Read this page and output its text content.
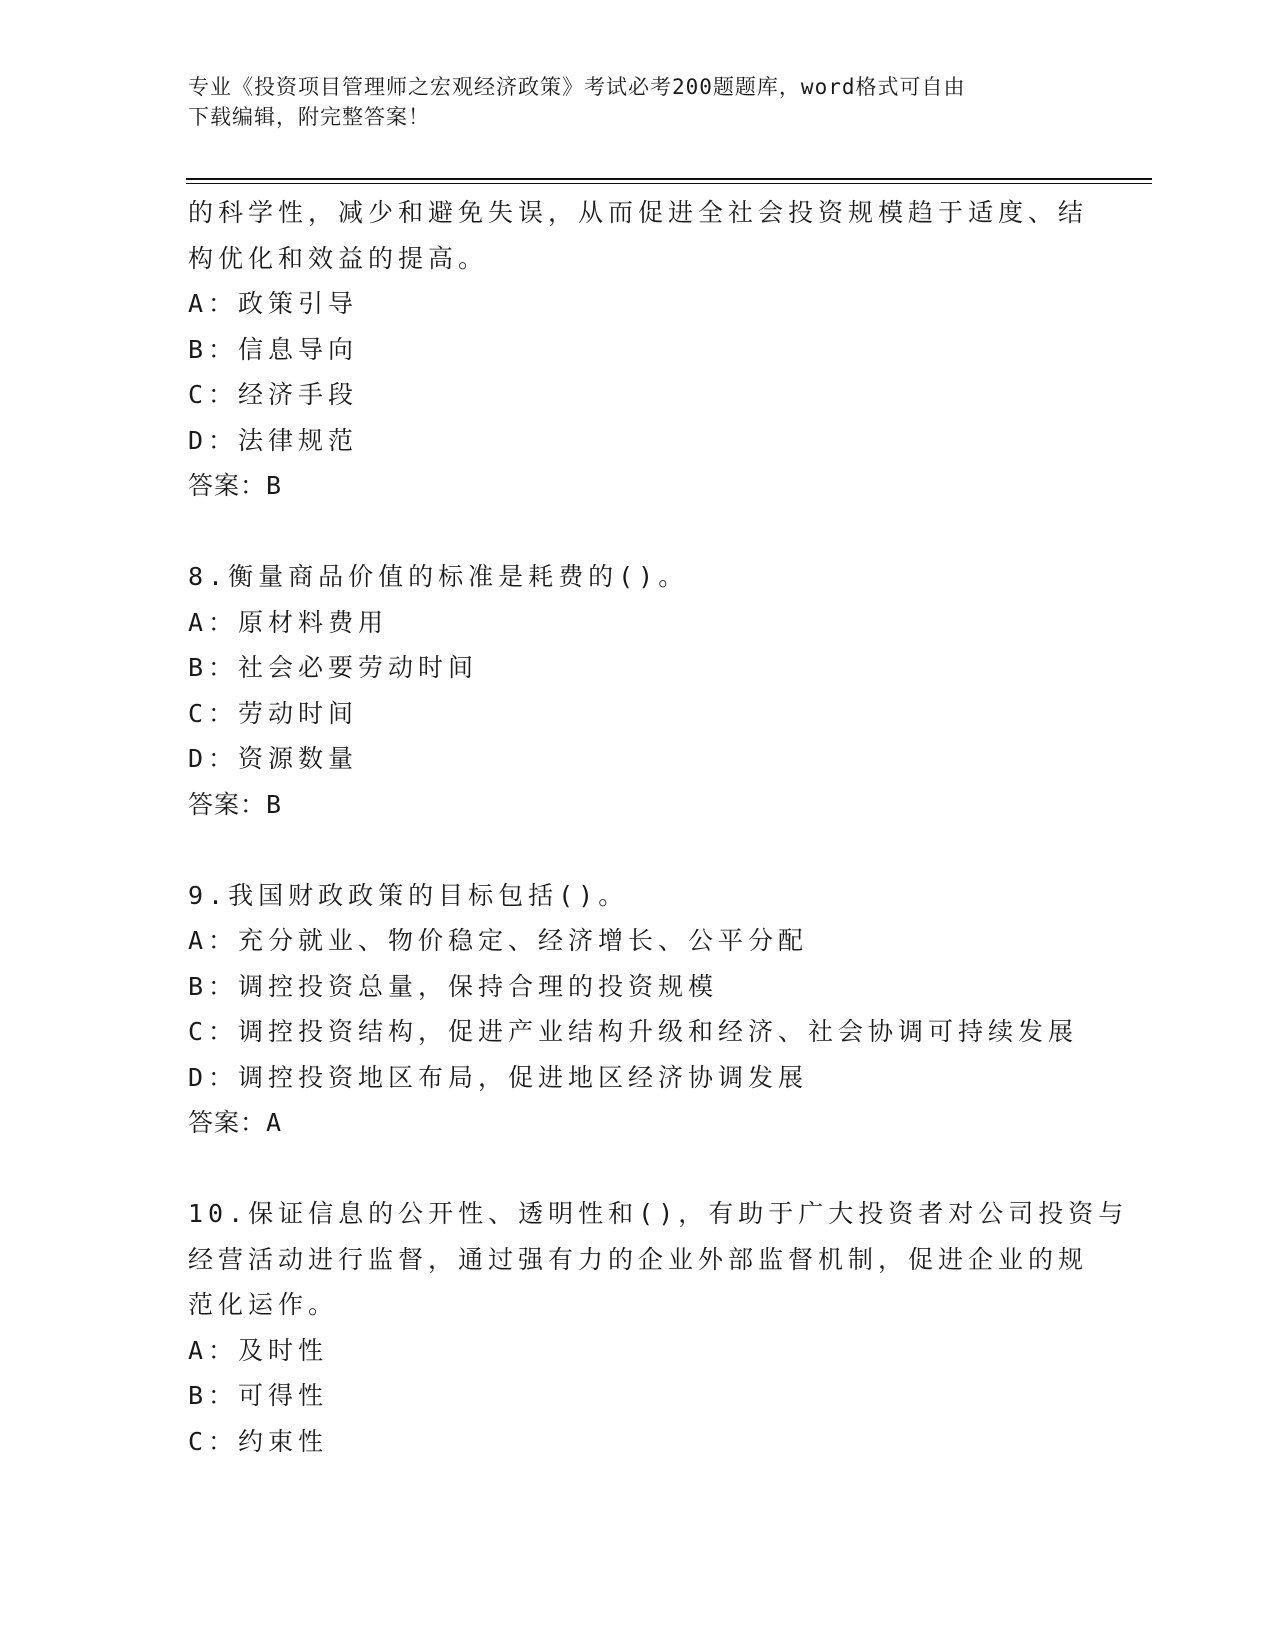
专业《投资项目管理师之宏观经济政策》考试必考200题题库，word格式可自由
下载编辑，附完整答案！
的科学性，减少和避免失误，从而促进全社会投资规模趋于适度、结
构优化和效益的提高。
A：政策引导
B：信息导向
C：经济手段
D：法律规范
答案：B
8.衡量商品价值的标准是耗费的()。
A：原材料费用
B：社会必要劳动时间
C：劳动时间
D：资源数量
答案：B
9.我国财政政策的目标包括()。
A：充分就业、物价稳定、经济增长、公平分配
B：调控投资总量，保持合理的投资规模
C：调控投资结构，促进产业结构升级和经济、社会协调可持续发展
D：调控投资地区布局，促进地区经济协调发展
答案：A
10.保证信息的公开性、透明性和()，有助于广大投资者对公司投资与
经营活动进行监督，通过强有力的企业外部监督机制，促进企业的规
范化运作。
A：及时性
B：可得性
C：约束性
